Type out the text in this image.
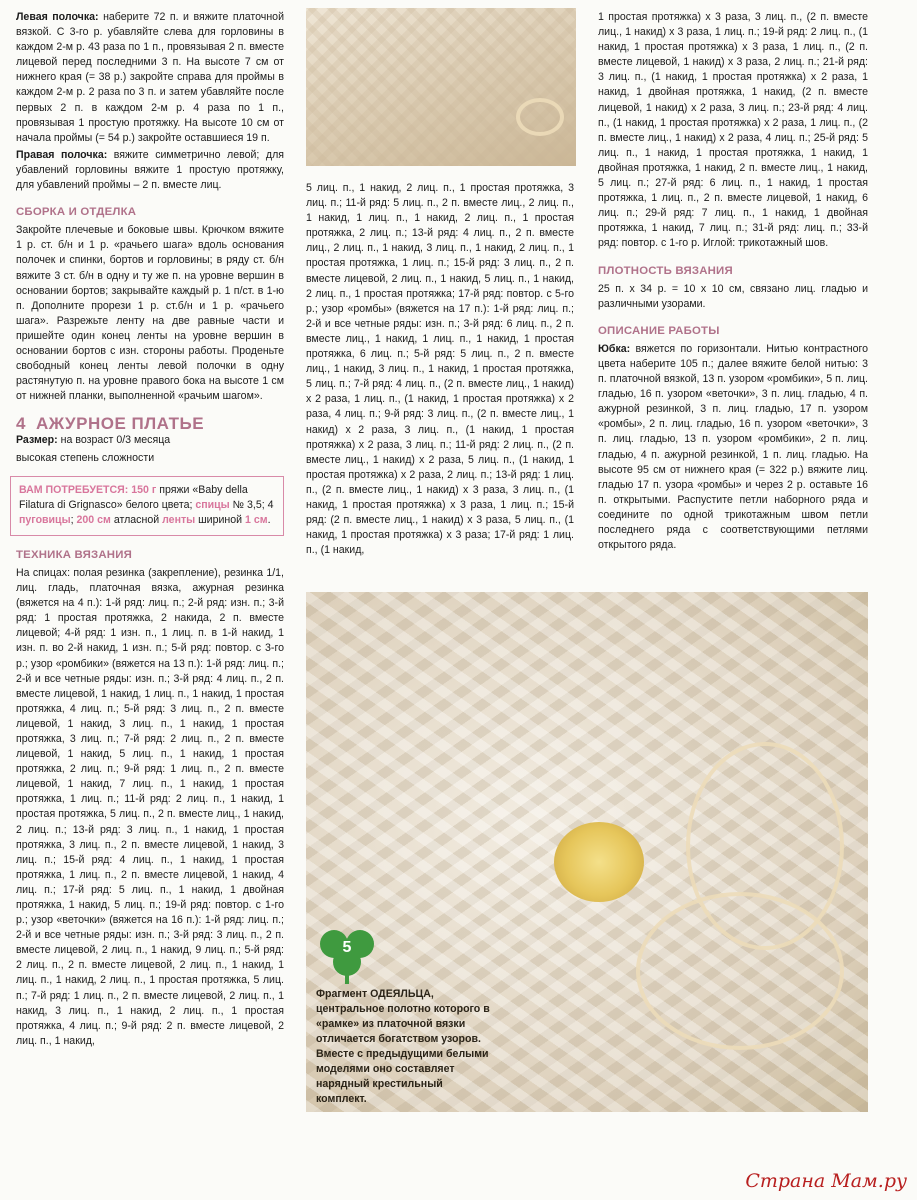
Левая полочка: наберите 72 п. и вяжите платочной вязкой. С 3-го р. убавляйте слева для горловины в каждом 2-м р. 43 раза по 1 п., провязывая 2 п. вместе лицевой перед последними 3 п. На высоте 7 см от нижнего края (= 38 р.) закройте справа для проймы в каждом 2-м р. 2 раза по 3 п. и затем убавляйте после первых 2 п. в каждом 2-м р. 4 раза по 1 п., провязывая 1 простую протяжку. На высоте 10 см от начала проймы (= 54 р.) закройте оставшиеся 19 п.

Правая полочка: вяжите симметрично левой; для убавлений горловины вяжите 1 простую протяжку, для убавлений проймы – 2 п. вместе лиц.

СБОРКА И ОТДЕЛКА

Закройте плечевые и боковые швы. Крючком вяжите 1 р. ст. б/н и 1 р. «рачьего шага» вдоль основания полочек и спинки, бортов и горловины; в ряду ст. б/н вяжите 3 ст. б/н в одну и ту же п. на уровне вершин в основании бортов; закрывайте каждый р. 1 п/ст. в 1-ю п. Дополните прорези 1 р. ст.б/н и 1 р. «рачьего шага». Разрежьте ленту на две равные части и пришейте один конец ленты на уровне вершин в основании бортов с изн. стороны работы. Проденьте свободный конец ленты левой полочки в одну растянутую п. на уровне правого бока на высоте 1 см от нижней планки, выполненной «рачьим шагом».

4 АЖУРНОЕ ПЛАТЬЕ

Размер: на возраст 0/3 месяца

высокая степень сложности

ВАМ ПОТРЕБУЕТСЯ: 150 г пряжи «Baby della Filatura di Grignasco» белого цвета; спицы № 3,5; 4 пуговицы; 200 см атласной ленты шириной 1 см.
ТЕХНИКА ВЯЗАНИЯ

На спицах: полая резинка (закрепление), резинка 1/1, лиц. гладь, платочная вязка, ажурная резинка (вяжется на 4 п.): 1-й ряд: лиц. п.; 2-й ряд: изн. п.; 3-й ряд: 1 простая протяжка, 2 накида, 2 п. вместе лицевой; 4-й ряд: 1 изн. п., 1 лиц. п. в 1-й накид, 1 изн. п. во 2-й накид, 1 изн. п.; 5-й ряд: повтор. с 3-го р.; узор «ромбики» (вяжется на 13 п.): 1-й ряд: лиц. п.; 2-й и все четные ряды: изн. п.; 3-й ряд: 4 лиц. п., 2 п. вместе лицевой, 1 накид, 1 лиц. п., 1 накид, 1 простая протяжка, 4 лиц. п.; 5-й ряд: 3 лиц. п., 2 п. вместе лицевой, 1 накид, 3 лиц. п., 1 накид, 1 простая протяжка, 3 лиц. п.; 7-й ряд: 2 лиц. п., 2 п. вместе лицевой, 1 накид, 5 лиц. п., 1 накид, 1 простая протяжка, 2 лиц. п.; 9-й ряд: 1 лиц. п., 2 п. вместе лицевой, 1 накид, 7 лиц. п., 1 накид, 1 простая протяжка, 1 лиц. п.; 11-й ряд: 2 лиц. п., 1 накид, 1 простая протяжка, 5 лиц. п., 2 п. вместе лиц., 1 накид, 2 лиц. п.; 13-й ряд: 3 лиц. п., 1 накид, 1 простая протяжка, 3 лиц. п., 2 п. вместе лицевой, 1 накид, 3 лиц. п.; 15-й ряд: 4 лиц. п., 1 накид, 1 простая протяжка, 1 лиц. п., 2 п. вместе лицевой, 1 накид, 4 лиц. п.; 17-й ряд: 5 лиц. п., 1 накид, 1 двойная протяжка, 1 накид, 5 лиц. п.; 19-й ряд: повтор. с 1-го р.; узор «веточки» (вяжется на 16 п.): 1-й ряд: лиц. п.; 2-й и все четные ряды: изн. п.; 3-й ряд: 3 лиц. п., 2 п. вместе лицевой, 2 лиц. п., 1 накид, 9 лиц. п.; 5-й ряд: 2 лиц. п., 2 п. вместе лицевой, 2 лиц. п., 1 накид, 1 лиц. п., 1 накид, 2 лиц. п., 1 простая протяжка, 5 лиц. п.; 7-й ряд: 1 лиц. п., 2 п. вместе лицевой, 2 лиц. п., 1 накид, 3 лиц. п., 1 накид, 2 лиц. п., 1 простая протяжка, 4 лиц. п.; 9-й ряд: 2 п. вместе лицевой, 2 лиц. п., 1 накид,

5 лиц. п., 1 накид, 2 лиц. п., 1 простая протяжка, 3 лиц. п.; 11-й ряд: 5 лиц. п., 2 п. вместе лиц., 2 лиц. п., 1 накид, 1 лиц. п., 1 накид, 2 лиц. п., 1 простая протяжка, 2 лиц. п.; 13-й ряд: 4 лиц. п., 2 п. вместе лиц., 2 лиц. п., 1 накид, 3 лиц. п., 1 накид, 2 лиц. п., 1 простая протяжка, 1 лиц. п.; 15-й ряд: 3 лиц. п., 2 п. вместе лицевой, 2 лиц. п., 1 накид, 5 лиц. п., 1 накид, 2 лиц. п., 1 простая протяжка; 17-й ряд: повтор. с 5-го р.; узор «ромбы» (вяжется на 17 п.): 1-й ряд: лиц. п.; 2-й и все четные ряды: изн. п.; 3-й ряд: 6 лиц. п., 2 п. вместе лиц., 1 накид, 1 лиц. п., 1 накид, 1 простая протяжка, 6 лиц. п.; 5-й ряд: 5 лиц. п., 2 п. вместе лиц., 1 накид, 3 лиц. п., 1 накид, 1 простая протяжка, 5 лиц. п.; 7-й ряд: 4 лиц. п., (2 п. вместе лиц., 1 накид) x 2 раза, 1 лиц. п., (1 накид, 1 простая протяжка) x 2 раза, 4 лиц. п.; 9-й ряд: 3 лиц. п., (2 п. вместе лиц., 1 накид) x 2 раза, 3 лиц. п., (1 накид, 1 простая протяжка) x 2 раза, 3 лиц. п.; 11-й ряд: 2 лиц. п., (2 п. вместе лиц., 1 накид) x 2 раза, 5 лиц. п., (1 накид, 1 простая протяжка) x 2 раза, 2 лиц. п.; 13-й ряд: 1 лиц. п., (2 п. вместе лиц., 1 накид) x 3 раза, 3 лиц. п., (1 накид, 1 простая протяжка) x 3 раза, 1 лиц. п.; 15-й ряд: (2 п. вместе лиц., 1 накид) x 3 раза, 5 лиц. п., (1 накид, 1 простая протяжка) x 3 раза; 17-й ряд: 1 лиц. п., (1 накид,

1 простая протяжка) x 3 раза, 3 лиц. п., (2 п. вместе лиц., 1 накид) x 3 раза, 1 лиц. п.; 19-й ряд: 2 лиц. п., (1 накид, 1 простая протяжка) x 3 раза, 1 лиц. п., (2 п. вместе лицевой, 1 накид) x 3 раза, 2 лиц. п.; 21-й ряд: 3 лиц. п., (1 накид, 1 простая протяжка) x 2 раза, 1 накид, 1 двойная протяжка, 1 накид, (2 п. вместе лицевой, 1 накид) x 2 раза, 3 лиц. п.; 23-й ряд: 4 лиц. п., (1 накид, 1 простая протяжка) x 2 раза, 1 лиц. п., (2 п. вместе лиц., 1 накид) x 2 раза, 4 лиц. п.; 25-й ряд: 5 лиц. п., 1 накид, 1 простая протяжка, 1 накид, 1 двойная протяжка, 1 накид, 2 п. вместе лиц., 1 накид, 5 лиц. п.; 27-й ряд: 6 лиц. п., 1 накид, 1 простая протяжка, 1 лиц. п., 2 п. вместе лицевой, 1 накид, 6 лиц. п.; 29-й ряд: 7 лиц. п., 1 накид, 1 двойная протяжка, 1 накид, 7 лиц. п.; 31-й ряд: лиц. п.; 33-й ряд: повтор. с 1-го р. Иглой: трикотажный шов.

ПЛОТНОСТЬ ВЯЗАНИЯ

25 п. x 34 р. = 10 x 10 см, связано лиц. гладью и различными узорами.

ОПИСАНИЕ РАБОТЫ

Юбка: вяжется по горизонтали. Нитью контрастного цвета наберите 105 п.; далее вяжите белой нитью: 3 п. платочной вязкой, 13 п. узором «ромбики», 5 п. лиц. гладью, 16 п. узором «веточки», 3 п. лиц. гладью, 4 п. ажурной резинкой, 3 п. лиц. гладью, 17 п. узором «ромбы», 2 п. лиц. гладью, 16 п. узором «веточки», 3 п. лиц. гладью, 13 п. узором «ромбики», 2 п. лиц. гладью, 4 п. ажурной резинкой, 1 п. лиц. гладью. На высоте 95 см от нижнего края (= 322 р.) вяжите лиц. гладью 17 п. узора «ромбы» и через 2 р. оставьте 16 п. открытыми. Распустите петли наборного ряда и соедините по одной трикотажным швом петли последнего ряда с соответствующими петлями открытого ряда.

5
Фрагмент ОДЕЯЛЬЦА, центральное полотно которого в «рамке» из платочной вязки отличается богатством узоров. Вместе с предыдущими белыми моделями оно составляет нарядный крестильный комплект.
Страна Мам.ру
